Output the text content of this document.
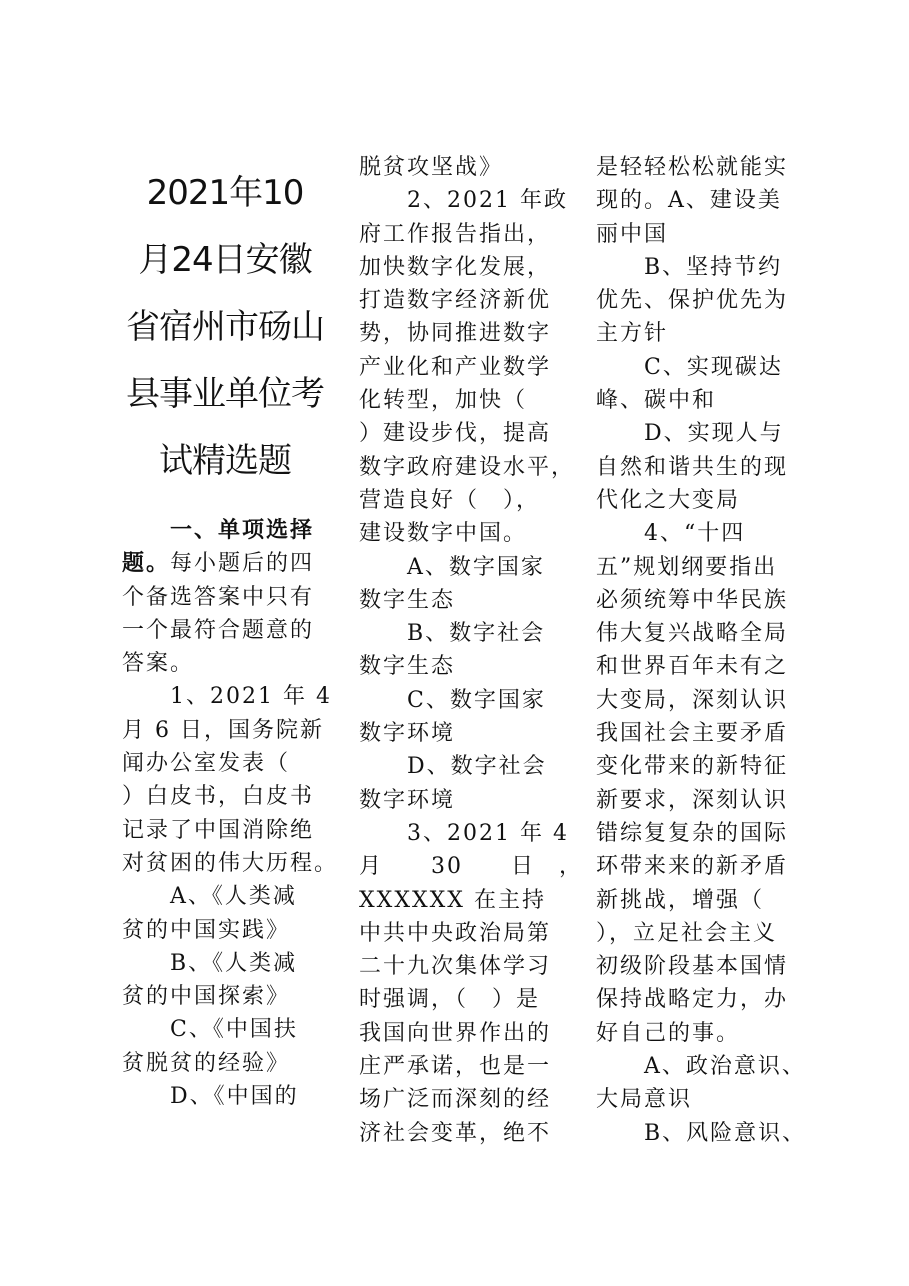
2021年10
月24日安徽
省宿州市砀山
县事业单位考
试精选题

　　一、单项选择
题。每小题后的四
个备选答案中只有
一个最符合题意的
答案。

　　1、2021 年 4
月 6 日，国务院新
闻办公室发表（
）白皮书，白皮书
记录了中国消除绝
对贫困的伟大历程。

　　A、《人类减
贫的中国实践》

　　B、《人类减
贫的中国探索》

　　C、《中国扶
贫脱贫的经验》

　　D、《中国的

脱贫攻坚战》

　　2、2021 年政
府工作报告指出，
加快数字化发展，
打造数字经济新优
势，协同推进数字
产业化和产业数学
化转型，加快（
）建设步伐，提高
数字政府建设水平，
营造良好（　），
建设数字中国。

　　A、数字国家
数字生态

　　B、数字社会
数字生态

　　C、数字国家
数字环境

　　D、数字社会
数字环境

　　3、2021 年 4
月　　30　　日　，
XXXXXX 在主持
中共中央政治局第
二十九次集体学习
时强调，（　）是
我国向世界作出的
庄严承诺，也是一
场广泛而深刻的经
济社会变革，绝不

是轻轻松松就能实
现的。A、建设美
丽中国

　　B、坚持节约
优先、保护优先为
主方针

　　C、实现碳达
峰、碳中和

　　D、实现人与
自然和谐共生的现
代化之大变局

　　4、“十四
五”规划纲要指出
必须统筹中华民族
伟大复兴战略全局
和世界百年未有之
大变局，深刻认识
我国社会主要矛盾
变化带来的新特征
新要求，深刻认识
错综复复杂的国际
环带来来的新矛盾
新挑战，增强（
），立足社会主义
初级阶段基本国情
保持战略定力，办
好自己的事。

　　A、政治意识、
大局意识

　　B、风险意识、
